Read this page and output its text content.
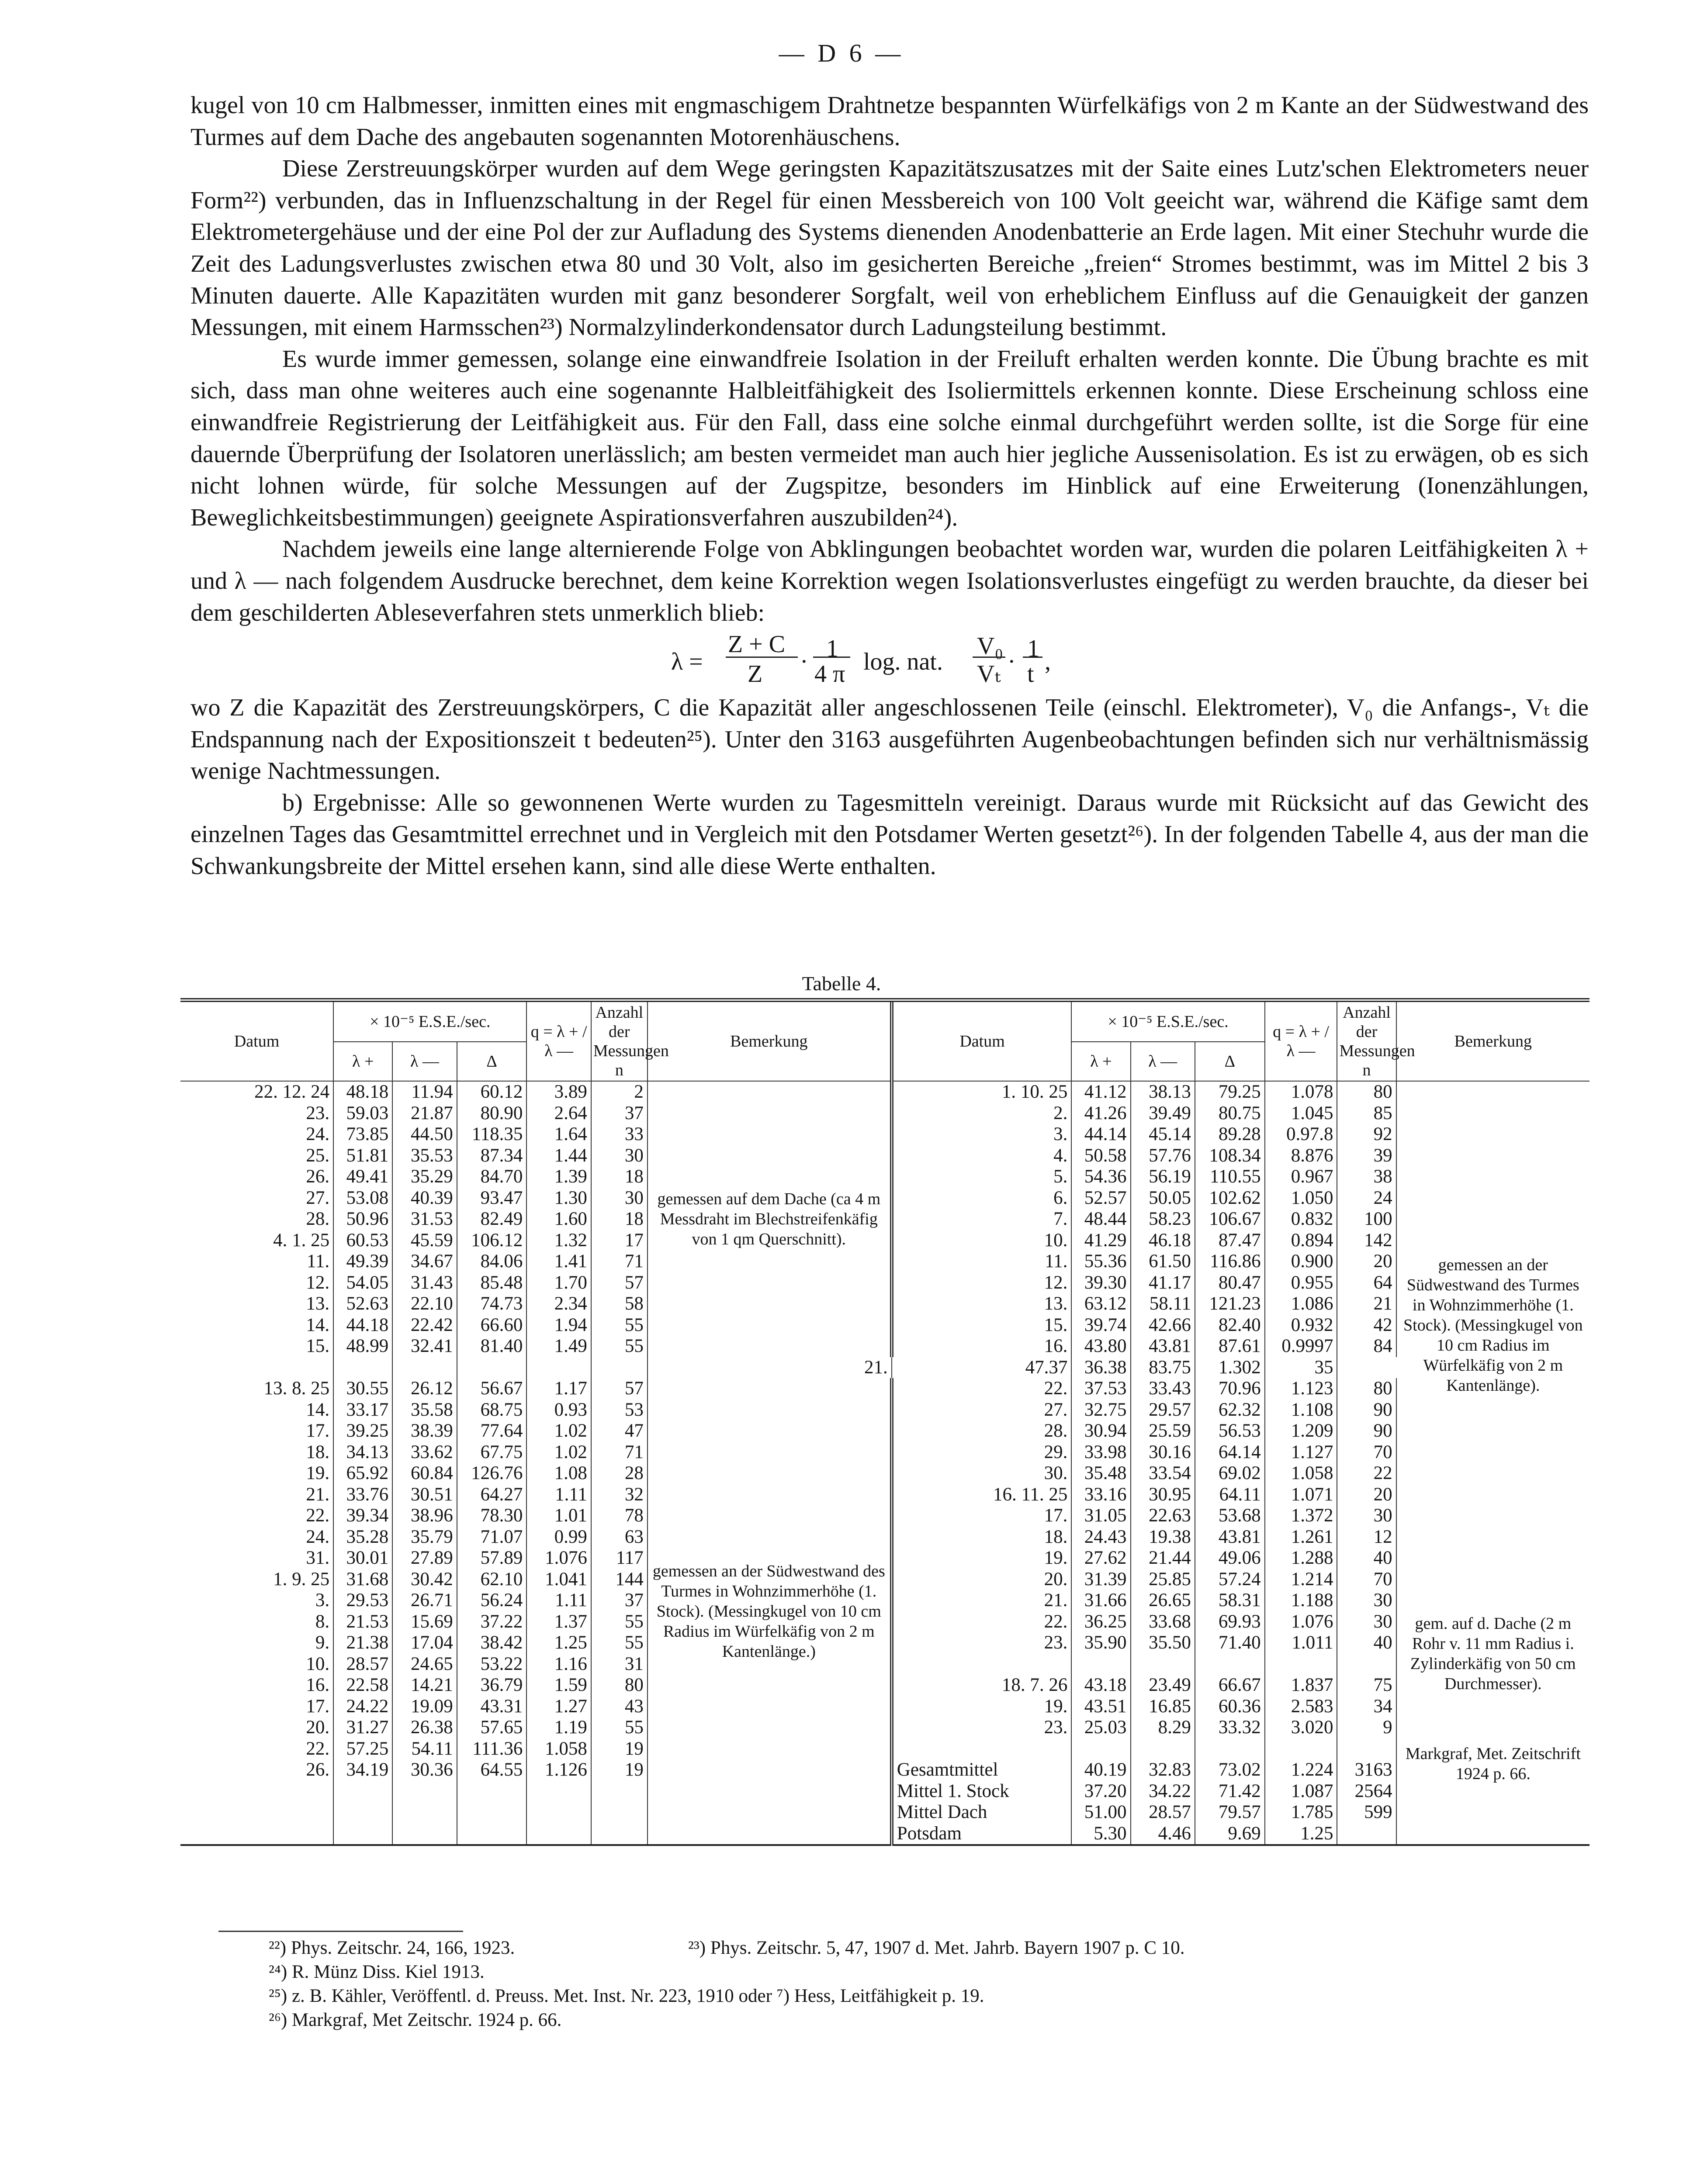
— D 6 —

kugel von 10 cm Halbmesser, inmitten eines mit engmaschigem Drahtnetze bespannten Würfelkäfigs von 2 m Kante an der Südwestwand des Turmes auf dem Dache des angebauten sogenannten Motorenhäuschens.

Diese Zerstreuungskörper wurden auf dem Wege geringsten Kapazitätszusatzes mit der Saite eines Lutz'schen Elektrometers neuer Form²²) verbunden, das in Influenzschaltung in der Regel für einen Messbereich von 100 Volt geeicht war, während die Käfige samt dem Elektrometergehäuse und der eine Pol der zur Aufladung des Systems dienenden Anodenbatterie an Erde lagen. Mit einer Stechuhr wurde die Zeit des Ladungsverlustes zwischen etwa 80 und 30 Volt, also im gesicherten Bereiche „freien“ Stromes bestimmt, was im Mittel 2 bis 3 Minuten dauerte. Alle Kapazitäten wurden mit ganz besonderer Sorgfalt, weil von erheblichem Einfluss auf die Genauigkeit der ganzen Messungen, mit einem Harmsschen²³) Normalzylinderkondensator durch Ladungsteilung bestimmt.

Es wurde immer gemessen, solange eine einwandfreie Isolation in der Freiluft erhalten werden konnte. Die Übung brachte es mit sich, dass man ohne weiteres auch eine sogenannte Halbleitfähigkeit des Isoliermittels erkennen konnte. Diese Erscheinung schloss eine einwandfreie Registrierung der Leitfähigkeit aus. Für den Fall, dass eine solche einmal durchgeführt werden sollte, ist die Sorge für eine dauernde Überprüfung der Isolatoren unerlässlich; am besten vermeidet man auch hier jegliche Aussenisolation. Es ist zu erwägen, ob es sich nicht lohnen würde, für solche Messungen auf der Zugspitze, besonders im Hinblick auf eine Erweiterung (Ionenzählungen, Beweglichkeitsbestimmungen) geeignete Aspirationsverfahren auszubilden²⁴).

Nachdem jeweils eine lange alternierende Folge von Abklingungen beobachtet worden war, wurden die polaren Leitfähigkeiten λ + und λ — nach folgendem Ausdrucke berechnet, dem keine Korrektion wegen Isolationsverlustes eingefügt zu werden brauchte, da dieser bei dem geschilderten Ableseverfahren stets unmerklich blieb:

λ =
Z + C
Z · 1
4 π log. nat.
V₀
Vₜ · 1
t ,

wo Z die Kapazität des Zerstreuungskörpers, C die Kapazität aller angeschlossenen Teile (einschl. Elektrometer), V₀ die Anfangs-, Vₜ die Endspannung nach der Expositionszeit t bedeuten²⁵). Unter den 3163 ausgeführten Augenbeobachtungen befinden sich nur verhältnismässig wenige Nachtmessungen.

b) Ergebnisse: Alle so gewonnenen Werte wurden zu Tagesmitteln vereinigt. Daraus wurde mit Rücksicht auf das Gewicht des einzelnen Tages das Gesamtmittel errechnet und in Vergleich mit den Potsdamer Werten gesetzt²⁶). In der folgenden Tabelle 4, aus der man die Schwankungsbreite der Mittel ersehen kann, sind alle diese Werte enthalten.

Tabelle 4.
Datum	× 10⁻⁵ E.S.E./sec.			q = λ + / λ —	Anzahl der Messungen n	Bemerkung	Datum	× 10⁻⁵ E.S.E./sec.			q = λ + / λ —	Anzahl der Messungen n	Bemerkung
	λ +	λ —	Δ					λ +	λ —	Δ			
22. 12. 24	48.18	11.94	60.12	3.89	2	gemessen auf dem Dache (ca 4 m Messdraht im Blechstreifenkäfig von 1 qm Querschnitt).	1. 10. 25	41.12	38.13	79.25	1.078	80	gemessen an der Südwestwand des Turmes in Wohnzimmerhöhe (1. Stock). (Messingkugel von 10 cm Radius im Würfelkäfig von 2 m Kantenlänge).
23.	59.03	21.87	80.90	2.64	37		2.	41.26	39.49	80.75	1.045	85	
24.	73.85	44.50	118.35	1.64	33		3.	44.14	45.14	89.28	0.97.8	92	
25.	51.81	35.53	87.34	1.44	30		4.	50.58	57.76	108.34	8.876	39	
26.	49.41	35.29	84.70	1.39	18		5.	54.36	56.19	110.55	0.967	38	
27.	53.08	40.39	93.47	1.30	30		6.	52.57	50.05	102.62	1.050	24	
28.	50.96	31.53	82.49	1.60	18		7.	48.44	58.23	106.67	0.832	100	
4. 1. 25	60.53	45.59	106.12	1.32	17		10.	41.29	46.18	87.47	0.894	142	
11.	49.39	34.67	84.06	1.41	71		11.	55.36	61.50	116.86	0.900	20	
12.	54.05	31.43	85.48	1.70	57		12.	39.30	41.17	80.47	0.955	64	
13.	52.63	22.10	74.73	2.34	58		13.	63.12	58.11	121.23	1.086	21	
14.	44.18	22.42	66.60	1.94	55		15.	39.74	42.66	82.40	0.932	42	
15.	48.99	32.41	81.40	1.49	55		16.	43.80	43.81	87.61	0.9997	84	
						21.	47.37	36.38	83.75	1.302	35		
13. 8. 25	30.55	26.12	56.67	1.17	57	gemessen an der Südwestwand des Turmes in Wohnzimmerhöhe (1. Stock). (Messingkugel von 10 cm Radius im Würfelkäfig von 2 m Kantenlänge.)	22.	37.53	33.43	70.96	1.123	80	
14.	33.17	35.58	68.75	0.93	53		27.	32.75	29.57	62.32	1.108	90	
17.	39.25	38.39	77.64	1.02	47		28.	30.94	25.59	56.53	1.209	90	
18.	34.13	33.62	67.75	1.02	71		29.	33.98	30.16	64.14	1.127	70	
19.	65.92	60.84	126.76	1.08	28		30.	35.48	33.54	69.02	1.058	22	
21.	33.76	30.51	64.27	1.11	32		16. 11. 25	33.16	30.95	64.11	1.071	20	
22.	39.34	38.96	78.30	1.01	78		17.	31.05	22.63	53.68	1.372	30	
24.	35.28	35.79	71.07	0.99	63		18.	24.43	19.38	43.81	1.261	12	
31.	30.01	27.89	57.89	1.076	117		19.	27.62	21.44	49.06	1.288	40	
1. 9. 25	31.68	30.42	62.10	1.041	144		20.	31.39	25.85	57.24	1.214	70	gem. auf d. Dache (2 m Rohr v. 11 mm Radius i. Zylinderkäfig von 50 cm Durchmesser).
3.	29.53	26.71	56.24	1.11	37		21.	31.66	26.65	58.31	1.188	30	
8.	21.53	15.69	37.22	1.37	55		22.	36.25	33.68	69.93	1.076	30	
9.	21.38	17.04	38.42	1.25	55		23.	35.90	35.50	71.40	1.011	40	
10.	28.57	24.65	53.22	1.16	31								
16.	22.58	14.21	36.79	1.59	80		18. 7. 26	43.18	23.49	66.67	1.837	75	
17.	24.22	19.09	43.31	1.27	43		19.	43.51	16.85	60.36	2.583	34	
20.	31.27	26.38	57.65	1.19	55		23.	25.03	8.29	33.32	3.020	9	
22.	57.25	54.11	111.36	1.058	19								Markgraf, Met. Zeitschrift 1924 p. 66.
26.	34.19	30.36	64.55	1.126	19		Gesamtmittel	40.19	32.83	73.02	1.224	3163	
							Mittel 1. Stock	37.20	34.22	71.42	1.087	2564	
							Mittel Dach	51.00	28.57	79.57	1.785	599	
							Potsdam	5.30	4.46	9.69	1.25		
²²) Phys. Zeitschr. 24, 166, 1923.	²³) Phys. Zeitschr. 5, 47, 1907 d. Met. Jahrb. Bayern 1907 p. C 10.
²⁴) R. Münz Diss. Kiel 1913.
²⁵) z. B. Kähler, Veröffentl. d. Preuss. Met. Inst. Nr. 223, 1910 oder ⁷) Hess, Leitfähigkeit p. 19.
²⁶) Markgraf, Met Zeitschr. 1924 p. 66.
